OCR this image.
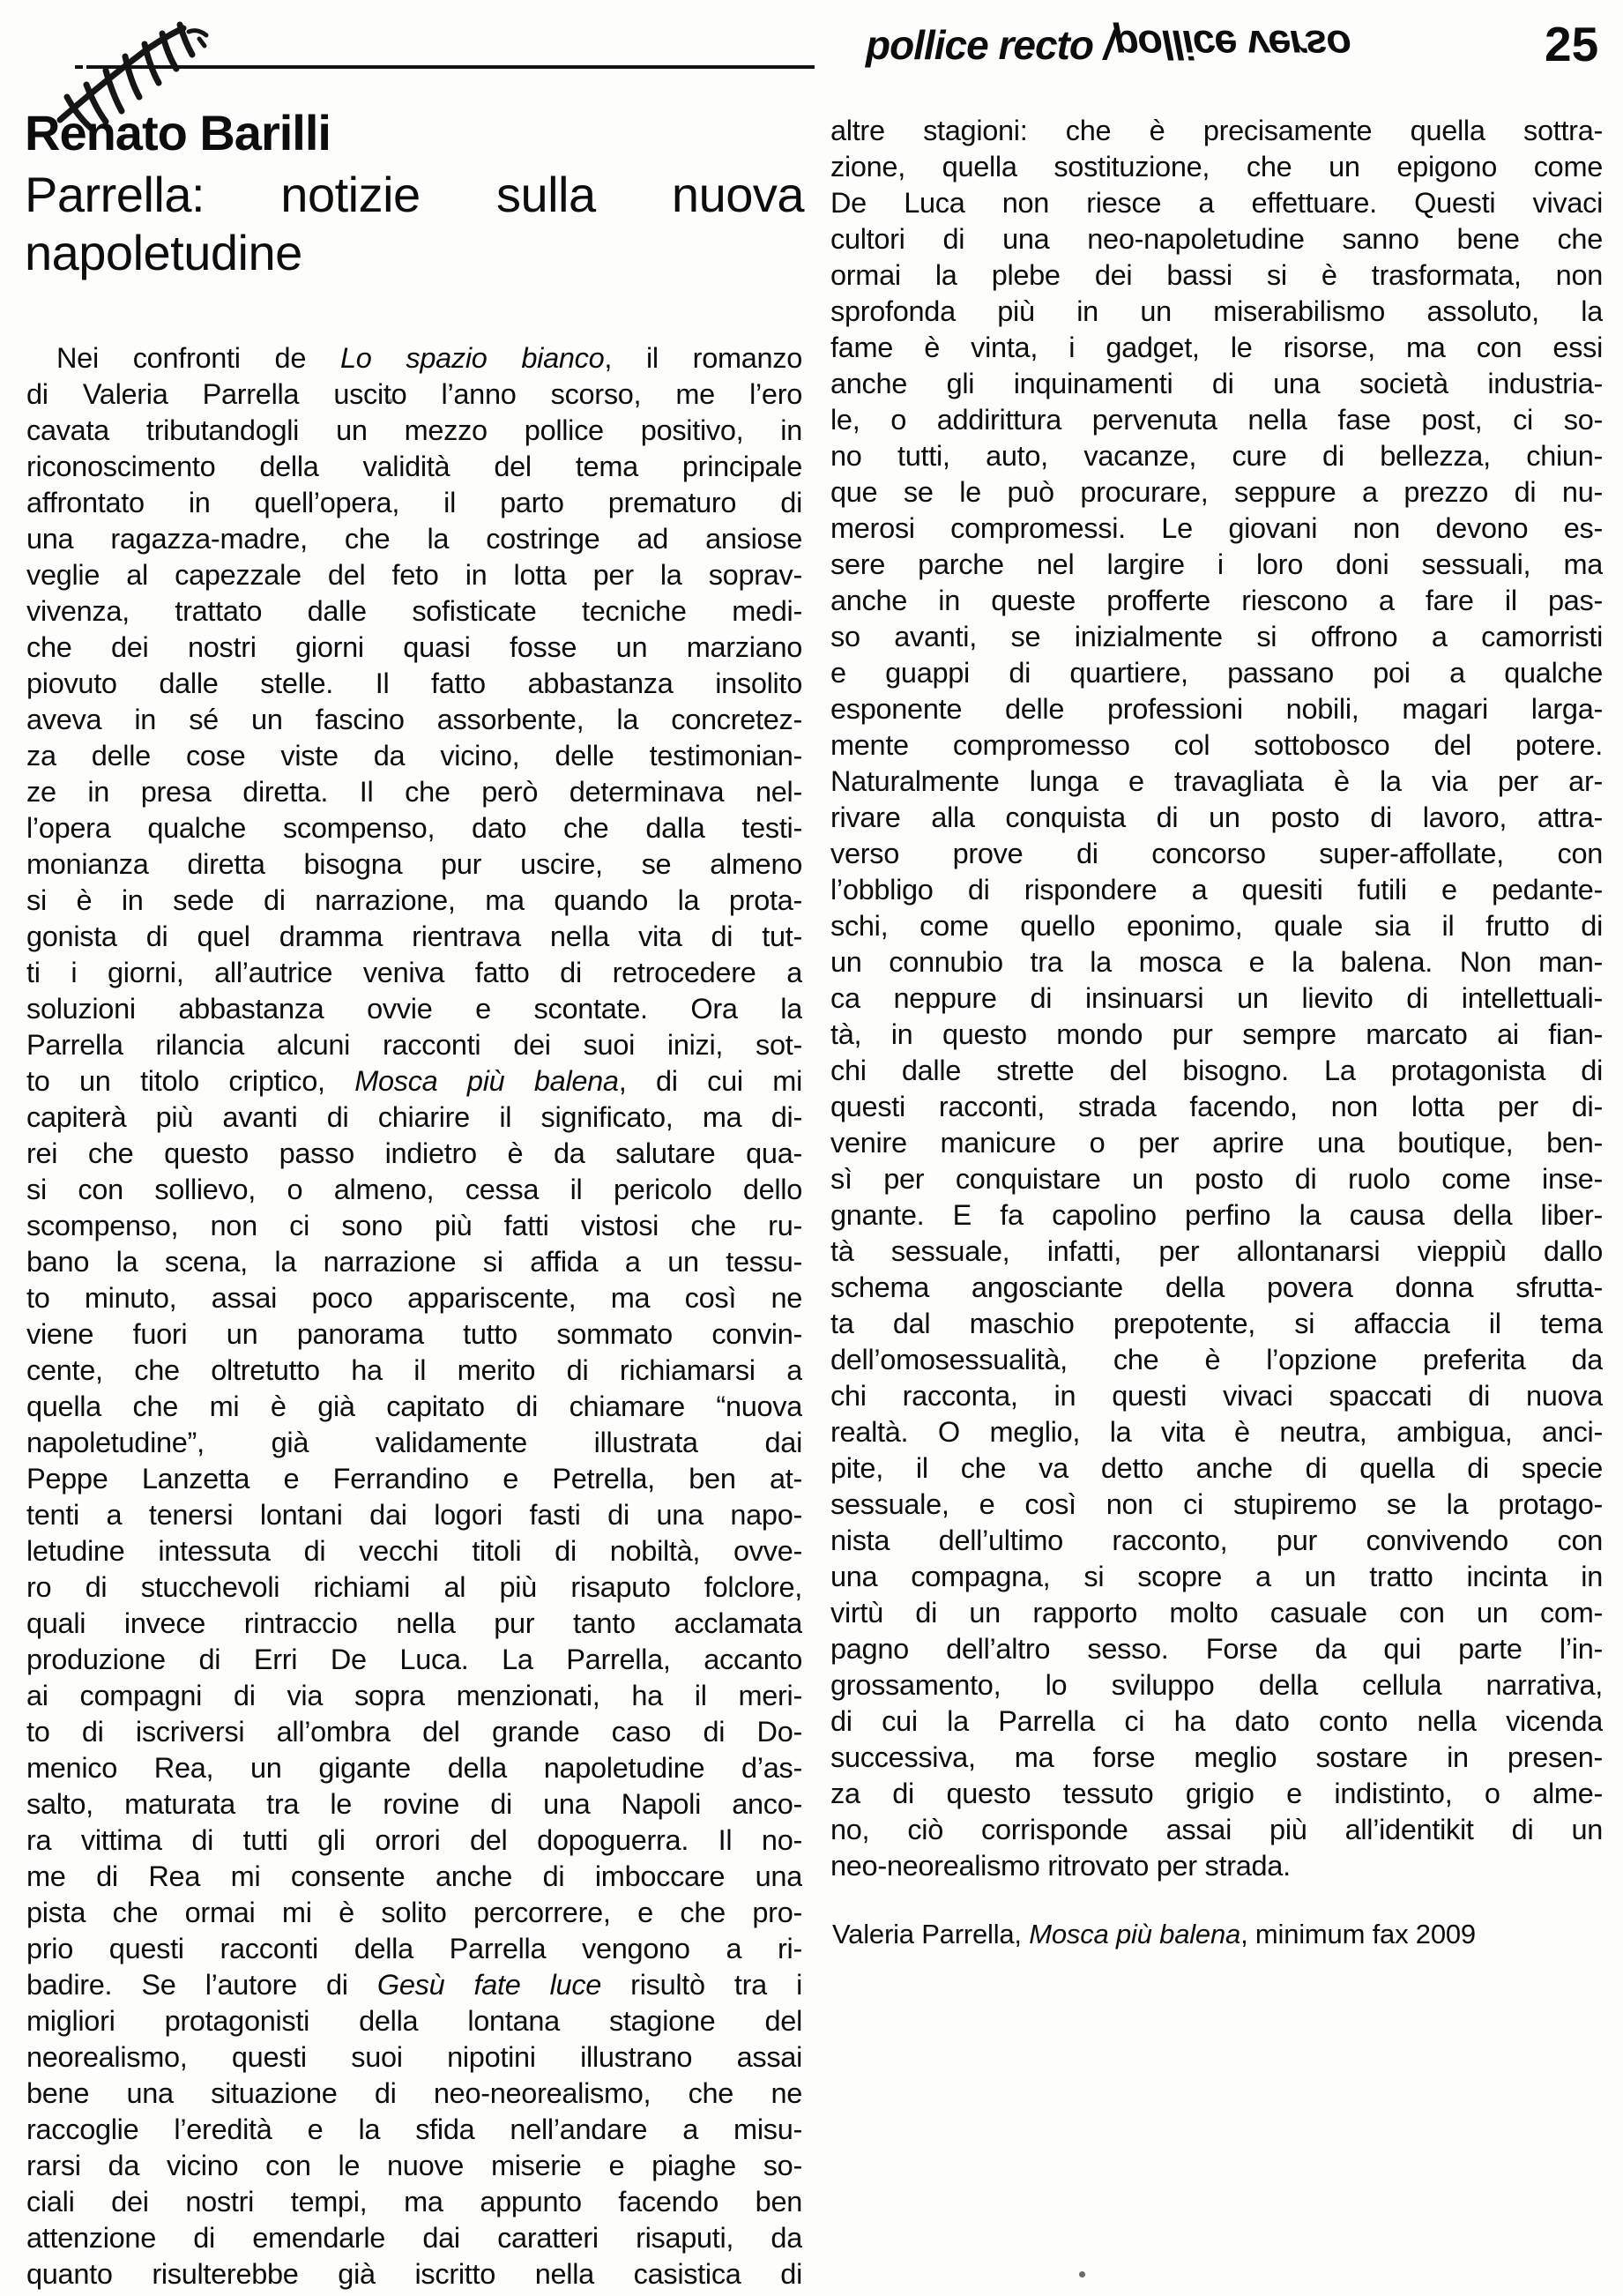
pollice recto /pollice verso	25
Renato Barilli
Parrella: notizie sulla nuova
napoletudine
Nei confronti de Lo spazio bianco, il romanzo
di Valeria Parrella uscito l’anno scorso, me l’ero
cavata tributandogli un mezzo pollice positivo, in
riconoscimento della validità del tema principale
affrontato in quell’opera, il parto prematuro di
una ragazza-madre, che la costringe ad ansiose
veglie al capezzale del feto in lotta per la soprav-
vivenza, trattato dalle sofisticate tecniche medi-
che dei nostri giorni quasi fosse un marziano
piovuto dalle stelle. Il fatto abbastanza insolito
aveva in sé un fascino assorbente, la concretez-
za delle cose viste da vicino, delle testimonian-
ze in presa diretta. Il che però determinava nel-
l’opera qualche scompenso, dato che dalla testi-
monianza diretta bisogna pur uscire, se almeno
si è in sede di narrazione, ma quando la prota-
gonista di quel dramma rientrava nella vita di tut-
ti i giorni, all’autrice veniva fatto di retrocedere a
soluzioni abbastanza ovvie e scontate. Ora la
Parrella rilancia alcuni racconti dei suoi inizi, sot-
to un titolo criptico, Mosca più balena, di cui mi
capiterà più avanti di chiarire il significato, ma di-
rei che questo passo indietro è da salutare qua-
si con sollievo, o almeno, cessa il pericolo dello
scompenso, non ci sono più fatti vistosi che ru-
bano la scena, la narrazione si affida a un tessu-
to minuto, assai poco appariscente, ma così ne
viene fuori un panorama tutto sommato convin-
cente, che oltretutto ha il merito di richiamarsi a
quella che mi è già capitato di chiamare “nuova
napoletudine”, già validamente illustrata dai
Peppe Lanzetta e Ferrandino e Petrella, ben at-
tenti a tenersi lontani dai logori fasti di una napo-
letudine intessuta di vecchi titoli di nobiltà, ovve-
ro di stucchevoli richiami al più risaputo folclore,
quali invece rintraccio nella pur tanto acclamata
produzione di Erri De Luca. La Parrella, accanto
ai compagni di via sopra menzionati, ha il meri-
to di iscriversi all’ombra del grande caso di Do-
menico Rea, un gigante della napoletudine d’as-
salto, maturata tra le rovine di una Napoli anco-
ra vittima di tutti gli orrori del dopoguerra. Il no-
me di Rea mi consente anche di imboccare una
pista che ormai mi è solito percorrere, e che pro-
prio questi racconti della Parrella vengono a ri-
badire. Se l’autore di Gesù fate luce risultò tra i
migliori protagonisti della lontana stagione del
neorealismo, questi suoi nipotini illustrano assai
bene una situazione di neo-neorealismo, che ne
raccoglie l’eredità e la sfida nell’andare a misu-
rarsi da vicino con le nuove miserie e piaghe so-
ciali dei nostri tempi, ma appunto facendo ben
attenzione di emendarle dai caratteri risaputi, da
quanto risulterebbe già iscritto nella casistica di
altre stagioni: che è precisamente quella sottra-
zione, quella sostituzione, che un epigono come
De Luca non riesce a effettuare. Questi vivaci
cultori di una neo-napoletudine sanno bene che
ormai la plebe dei bassi si è trasformata, non
sprofonda più in un miserabilismo assoluto, la
fame è vinta, i gadget, le risorse, ma con essi
anche gli inquinamenti di una società industria-
le, o addirittura pervenuta nella fase post, ci so-
no tutti, auto, vacanze, cure di bellezza, chiun-
que se le può procurare, seppure a prezzo di nu-
merosi compromessi. Le giovani non devono es-
sere parche nel largire i loro doni sessuali, ma
anche in queste profferte riescono a fare il pas-
so avanti, se inizialmente si offrono a camorristi
e guappi di quartiere, passano poi a qualche
esponente delle professioni nobili, magari larga-
mente compromesso col sottobosco del potere.
Naturalmente lunga e travagliata è la via per ar-
rivare alla conquista di un posto di lavoro, attra-
verso prove di concorso super-affollate, con
l’obbligo di rispondere a quesiti futili e pedante-
schi, come quello eponimo, quale sia il frutto di
un connubio tra la mosca e la balena. Non man-
ca neppure di insinuarsi un lievito di intellettuali-
tà, in questo mondo pur sempre marcato ai fian-
chi dalle strette del bisogno. La protagonista di
questi racconti, strada facendo, non lotta per di-
venire manicure o per aprire una boutique, ben-
sì per conquistare un posto di ruolo come inse-
gnante. E fa capolino perfino la causa della liber-
tà sessuale, infatti, per allontanarsi vieppiù dallo
schema angosciante della povera donna sfrutta-
ta dal maschio prepotente, si affaccia il tema
dell’omosessualità, che è l’opzione preferita da
chi racconta, in questi vivaci spaccati di nuova
realtà. O meglio, la vita è neutra, ambigua, anci-
pite, il che va detto anche di quella di specie
sessuale, e così non ci stupiremo se la protago-
nista dell’ultimo racconto, pur convivendo con
una compagna, si scopre a un tratto incinta in
virtù di un rapporto molto casuale con un com-
pagno dell’altro sesso. Forse da qui parte l’in-
grossamento, lo sviluppo della cellula narrativa,
di cui la Parrella ci ha dato conto nella vicenda
successiva, ma forse meglio sostare in presen-
za di questo tessuto grigio e indistinto, o alme-
no, ciò corrisponde assai più all’identikit di un
neo-neorealismo ritrovato per strada.
Valeria Parrella, Mosca più balena, minimum fax 2009
